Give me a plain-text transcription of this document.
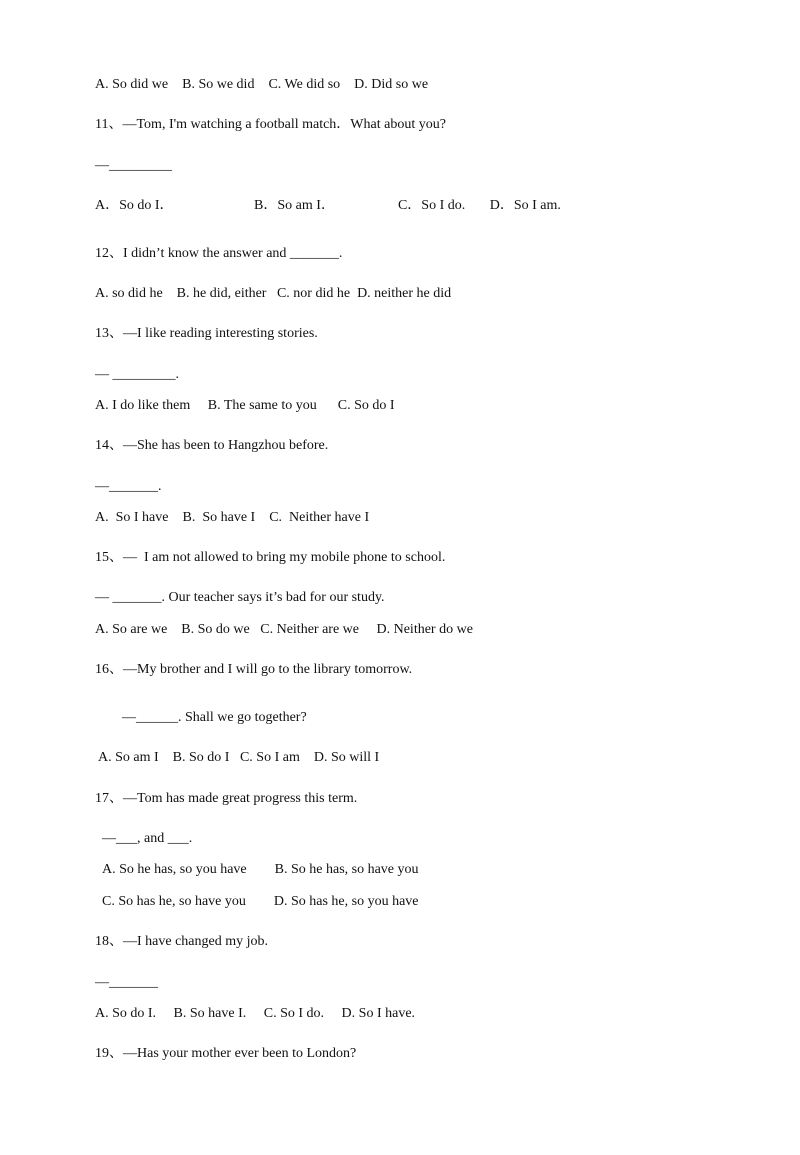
A. So did we    B. So we did    C. We did so    D. Did so we
11、—Tom, I'm watching a football match．What about you?
—_________
A．So do I．                       B．So am I．                  C．So I do.       D．So I am.
12、I didn’t know the answer and _______.
A. so did he    B. he did, either   C. nor did he  D. neither he did
13、—I like reading interesting stories.
— _________.
A. I do like them     B. The same to you      C. So do I
14、—She has been to Hangzhou before.
—_______.
A.  So I have    B.  So have I    C.  Neither have I
15、—  I am not allowed to bring my mobile phone to school.
— _______. Our teacher says it’s bad for our study.
A. So are we    B. So do we   C. Neither are we     D. Neither do we
16、—My brother and I will go to the library tomorrow.
—______. Shall we go together?
A. So am I    B. So do I   C. So I am    D. So will I
17、—Tom has made great progress this term.
—___, and ___.
A. So he has, so you have        B. So he has, so have you
C. So has he, so have you        D. So has he, so you have
18、—I have changed my job.
—_______
A. So do I.     B. So have I.     C. So I do.     D. So I have.
19、—Has your mother ever been to London?
